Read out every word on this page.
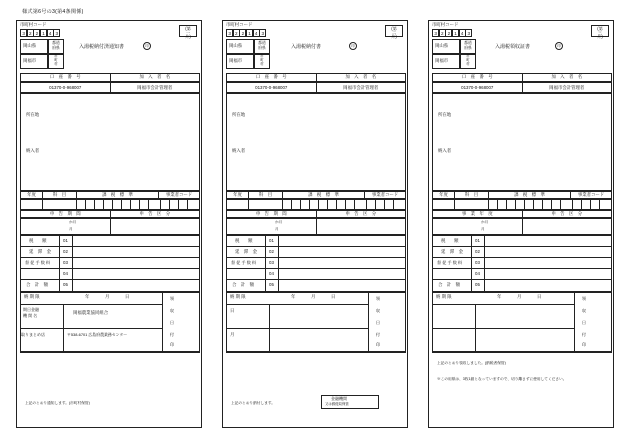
様式第6号の3(第4条関係)
市町村コード
3 2 2 1 4 3
岡山県	都道
府県
岡福市
市
町
村
入湯税納付済通知書	印
(第一片)
口　座　番　号	加　入　者　名
01370-0-968007	岡福市会計管理者
所在地
納入者
年度	科　目	課　税　標　準	事業者コード
申　告　期　間	申　告　区　分
か月
月
税　　額	01
延　滞　金	02
督 促 手 数 料	03
04
合　計　額	05
納 期 限	年	月	日
期日金融
機 関 名
岡福農業協同組合
取りまとめ店	〒538-6701 広島府農業務センター
領
収
日
付
印
上記のとおり通知します。(市町村保管)
市町村コード
3 2 2 1 4 3
岡山県	都道
府県
岡福市
市
町
村
入湯税納付書	印
(第二片)
口　座　番　号	加　入　者　名
01370-0-968007	岡福市会計管理者
所在地
納入者
年度	科　目	課　税　標　準	事業者コード
申　告　期　間	申　告　区　分
か月
月
税　　額	01
延　滞　金	02
督 促 手 数 料	03
04
合　計　額	05
納 期 限	年	月	日
日
月
領
収
日
付
印
上記のとおり納付します。
金融機関
又は郵便局保管
市町村コード
3 2 2 1 4 3
岡山県	都道
府県
岡福市
市
町
村
入湯税領収証書	印
(第三片)
口　座　番　号	加　入　者　名
01370-0-968007	岡福市会計管理者
所在地
納入者
年度	科　目	課　税　標　準	事業者コード
事　業　年　度	申　告　区　分
か月
月
税　　額	01
延　滞　金	02
督 促 手 数 料	03
04
合　計　額	05
納 期 限	年	月	日	領
収
日
付
印
上記のとおり領収しました。(納税者保管)
※この用紙は、3枚1綴となっていますので、切り離さずに使用してください。
